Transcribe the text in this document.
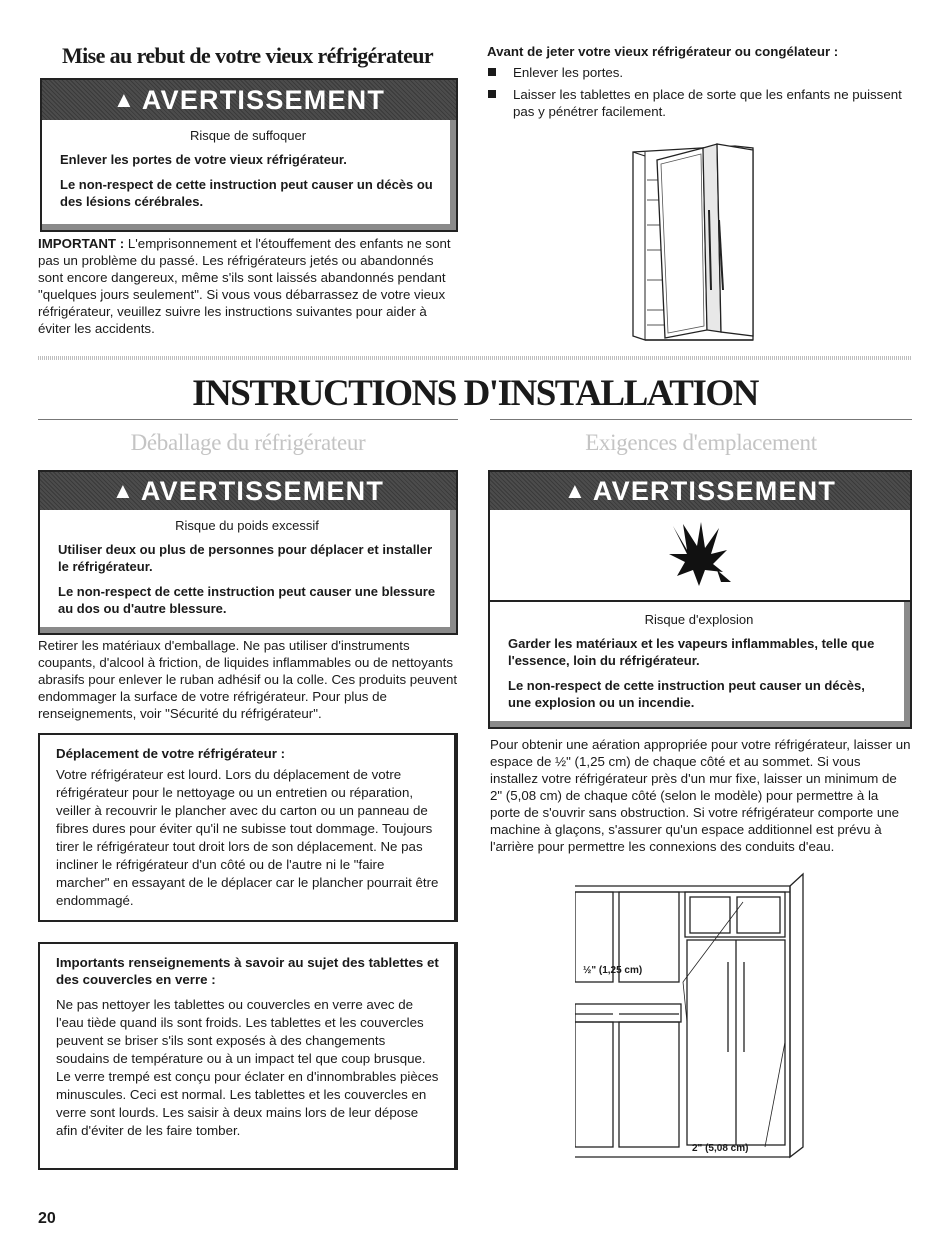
Mise au rebut de votre vieux réfrigérateur
▲ AVERTISSEMENT
Risque de suffoquer
Enlever les portes de votre vieux réfrigérateur.
Le non-respect de cette instruction peut causer un décès ou des lésions cérébrales.
IMPORTANT : L'emprisonnement et l'étouffement des enfants ne sont pas un problème du passé. Les réfrigérateurs jetés ou abandonnés sont encore dangereux, même s'ils sont laissés abandonnés pendant "quelques jours seulement". Si vous vous débarrassez de votre vieux réfrigérateur, veuillez suivre les instructions suivantes pour aider à éviter les accidents.
Avant de jeter votre vieux réfrigérateur ou congélateur :
Enlever les portes.
Laisser les tablettes en place de sorte que les enfants ne puissent pas y pénétrer facilement.
INSTRUCTIONS D'INSTALLATION
Déballage du réfrigérateur	Exigences d'emplacement
▲ AVERTISSEMENT
Risque du poids excessif
Utiliser deux ou plus de personnes pour déplacer et installer le réfrigérateur.
Le non-respect de cette instruction peut causer une blessure au dos ou d'autre blessure.
Retirer les matériaux d'emballage. Ne pas utiliser d'instruments coupants, d'alcool à friction, de liquides inflammables ou de nettoyants abrasifs pour enlever le ruban adhésif ou la colle. Ces produits peuvent endommager la surface de votre réfrigérateur. Pour plus de renseignements, voir "Sécurité du réfrigérateur".
Déplacement de votre réfrigérateur :
Votre réfrigérateur est lourd. Lors du déplacement de votre réfrigérateur pour le nettoyage ou un entretien ou réparation, veiller à recouvrir le plancher avec du carton ou un panneau de fibres dures pour éviter qu'il ne subisse tout dommage. Toujours tirer le réfrigérateur tout droit lors de son déplacement. Ne pas incliner le réfrigérateur d'un côté ou de l'autre ni le "faire marcher" en essayant de le déplacer car le plancher pourrait être endommagé.
Importants renseignements à savoir au sujet des tablettes et des couvercles en verre :
Ne pas nettoyer les tablettes ou couvercles en verre avec de l'eau tiède quand ils sont froids. Les tablettes et les couvercles peuvent se briser s'ils sont exposés à des changements soudains de température ou à un impact tel que coup brusque. Le verre trempé est conçu pour éclater en d'innombrables pièces minuscules. Ceci est normal. Les tablettes et les couvercles en verre sont lourds. Les saisir à deux mains lors de leur dépose afin d'éviter de les faire tomber.
▲ AVERTISSEMENT
Risque d'explosion
Garder les matériaux et les vapeurs inflammables, telle que l'essence, loin du réfrigérateur.
Le non-respect de cette instruction peut causer un décès, une explosion ou un incendie.
Pour obtenir une aération appropriée pour votre réfrigérateur, laisser un espace de ½" (1,25 cm) de chaque côté et au sommet. Si vous installez votre réfrigérateur près d'un mur fixe, laisser un minimum de 2" (5,08 cm) de chaque côté (selon le modèle) pour permettre à la porte de s'ouvrir sans obstruction. Si votre réfrigérateur comporte une machine à glaçons, s'assurer qu'un espace additionnel est prévu à l'arrière pour permettre les connexions des conduits d'eau.
½" (1,25 cm)
2" (5,08 cm)
20
